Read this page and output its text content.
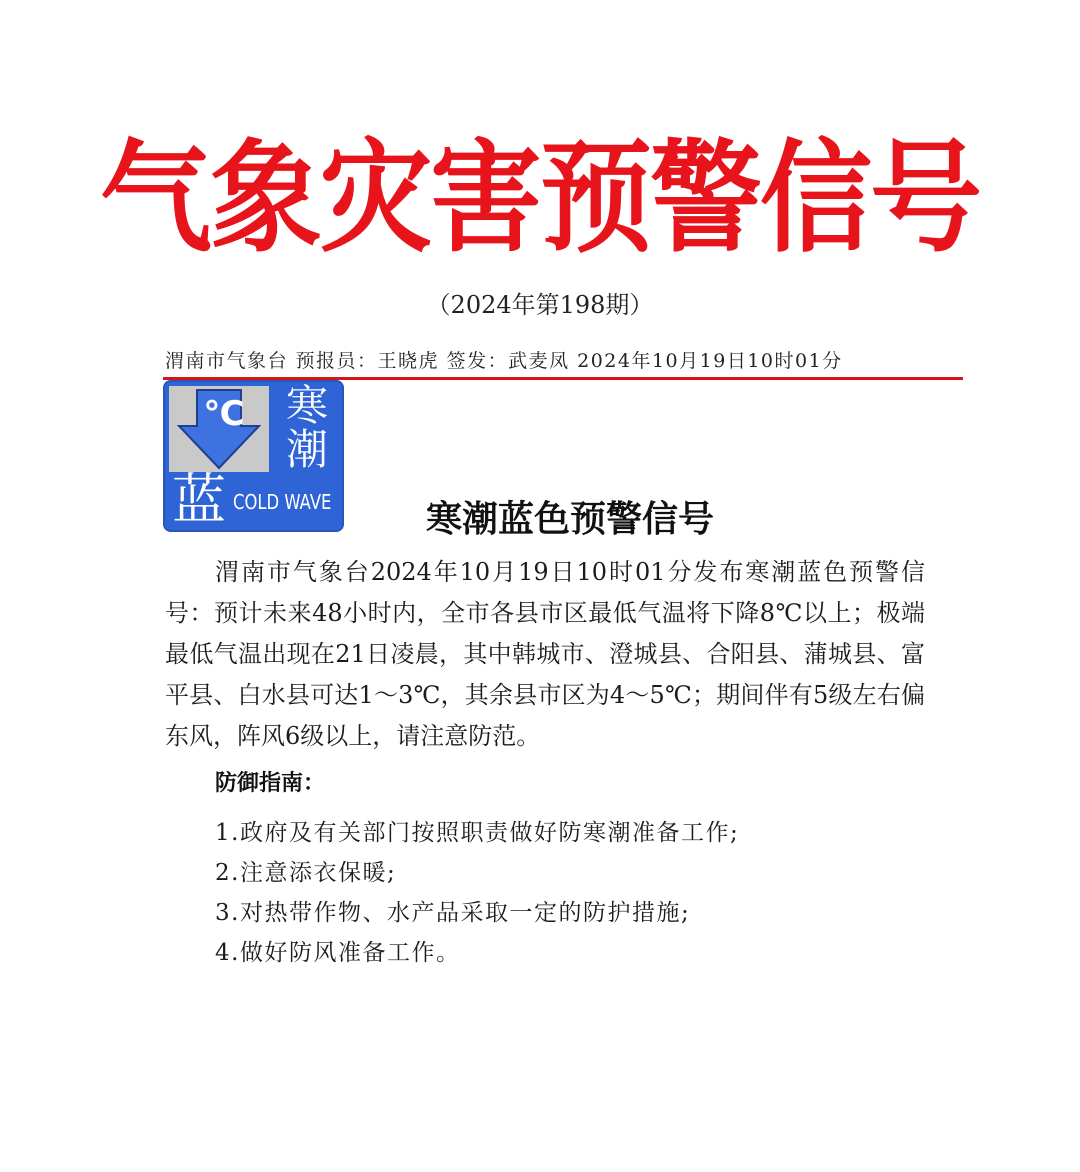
气象灾害预警信号
（2024年第198期）
渭南市气象台 预报员：王晓虎 签发：武麦凤 2024年10月19日10时01分
℃ 寒潮
蓝 COLD WAVE	寒潮蓝色预警信号

渭南市气象台2024年10月19日10时01分发布寒潮蓝色预警信号：预计未来48小时内，全市各县市区最低气温将下降8℃以上；极端最低气温出现在21日凌晨，其中韩城市、澄城县、合阳县、蒲城县、富平县、白水县可达1～3℃，其余县市区为4～5℃；期间伴有5级左右偏东风，阵风6级以上，请注意防范。

防御指南：
1.政府及有关部门按照职责做好防寒潮准备工作;
2.注意添衣保暖;
3.对热带作物、水产品采取一定的防护措施;
4.做好防风准备工作。
